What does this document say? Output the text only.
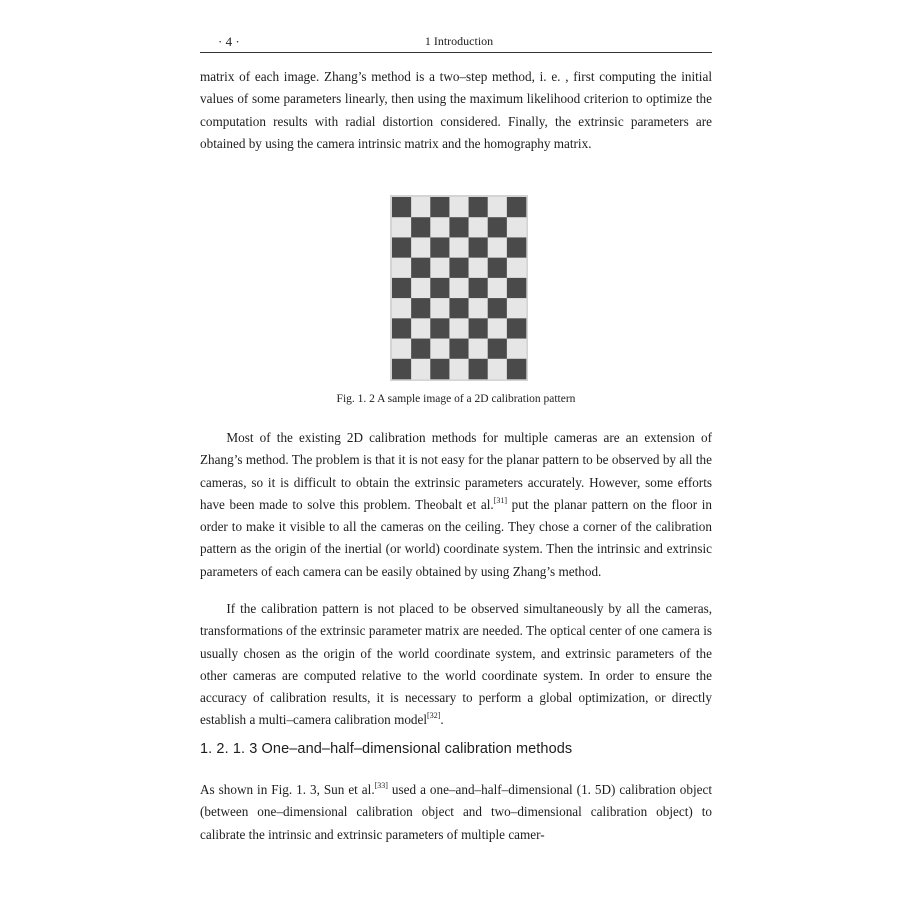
· 4 ·	1 Introduction

matrix of each image. Zhang’s method is a two–step method, i. e. , first computing the initial values of some parameters linearly, then using the maximum likelihood criterion to optimize the computation results with radial distortion considered. Finally, the extrinsic parameters are obtained by using the camera intrinsic matrix and the homography matrix.

Fig. 1. 2 A sample image of a 2D calibration pattern

Most of the existing 2D calibration methods for multiple cameras are an extension of Zhang’s method. The problem is that it is not easy for the planar pattern to be observed by all the cameras, so it is difficult to obtain the extrinsic parameters accurately. However, some efforts have been made to solve this problem. Theobalt et al.[31] put the planar pattern on the floor in order to make it visible to all the cameras on the ceiling. They chose a corner of the calibration pattern as the origin of the inertial (or world) coordinate system. Then the intrinsic and extrinsic parameters of each camera can be easily obtained by using Zhang’s method.

If the calibration pattern is not placed to be observed simultaneously by all the cameras, transformations of the extrinsic parameter matrix are needed. The optical center of one camera is usually chosen as the origin of the world coordinate system, and extrinsic parameters of the other cameras are computed relative to the world coordinate system. In order to ensure the accuracy of calibration results, it is necessary to perform a global optimization, or directly establish a multi–camera calibration model[32].

1. 2. 1. 3 One–and–half–dimensional calibration methods

As shown in Fig. 1. 3, Sun et al.[33] used a one–and–half–dimensional (1. 5D) calibration object (between one–dimensional calibration object and two–dimensional calibration object) to calibrate the intrinsic and extrinsic parameters of multiple camer-
